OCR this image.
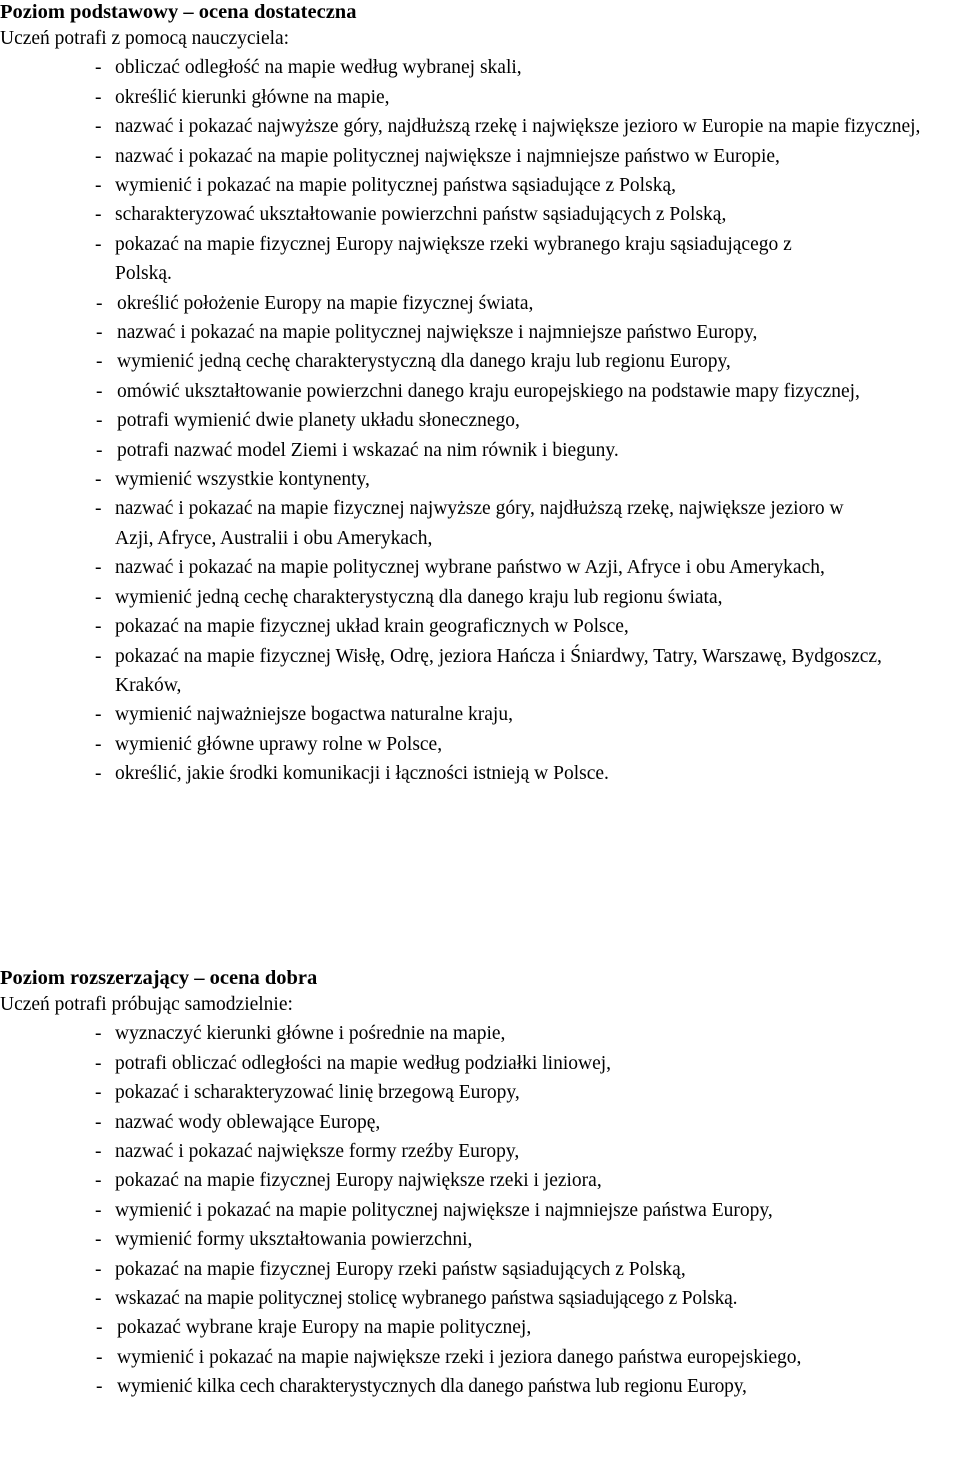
Poziom podstawowy – ocena dostateczna
Uczeń potrafi z pomocą nauczyciela:
- obliczać odległość na mapie według wybranej skali,
- określić kierunki główne na mapie,
- nazwać i pokazać najwyższe góry, najdłuższą rzekę i największe jezioro w Europie na mapie fizycznej,
- nazwać i pokazać na mapie politycznej największe i najmniejsze państwo w Europie,
- wymienić i pokazać na mapie politycznej państwa sąsiadujące z Polską,
- scharakteryzować ukształtowanie powierzchni państw sąsiadujących z Polską,
- pokazać na mapie fizycznej Europy największe rzeki wybranego kraju sąsiadującego z Polską.
- określić położenie Europy na mapie fizycznej świata,
- nazwać i pokazać na mapie politycznej największe i najmniejsze państwo Europy,
- wymienić jedną cechę charakterystyczną dla danego kraju lub regionu Europy,
- omówić ukształtowanie powierzchni danego kraju europejskiego na podstawie mapy fizycznej,
- potrafi wymienić dwie planety układu słonecznego,
- potrafi nazwać model Ziemi i wskazać na nim równik i bieguny.
- wymienić wszystkie kontynenty,
- nazwać i pokazać na mapie fizycznej najwyższe góry, najdłuższą rzekę, największe jezioro w Azji, Afryce, Australii i obu Amerykach,
- nazwać i pokazać na mapie politycznej wybrane państwo w Azji, Afryce i obu Amerykach,
- wymienić jedną cechę charakterystyczną dla danego kraju lub regionu świata,
- pokazać na mapie fizycznej układ krain geograficznych w Polsce,
- pokazać na mapie fizycznej Wisłę, Odrę, jeziora Hańcza i Śniardwy, Tatry, Warszawę, Bydgoszcz, Kraków,
- wymienić najważniejsze bogactwa naturalne kraju,
- wymienić główne uprawy rolne w Polsce,
- określić, jakie środki komunikacji i łączności istnieją w Polsce.
Poziom rozszerzający – ocena dobra
Uczeń potrafi próbując samodzielnie:
- wyznaczyć kierunki główne i pośrednie na mapie,
- potrafi obliczać odległości na mapie według podziałki liniowej,
- pokazać i scharakteryzować linię brzegową Europy,
- nazwać wody oblewające Europę,
- nazwać i pokazać największe formy rzeźby Europy,
- pokazać na mapie fizycznej Europy największe rzeki i jeziora,
- wymienić i pokazać na mapie politycznej największe i najmniejsze państwa Europy,
- wymienić formy ukształtowania powierzchni,
- pokazać na mapie fizycznej Europy rzeki państw sąsiadujących z Polską,
- wskazać na mapie politycznej stolicę wybranego państwa sąsiadującego z Polską.
- pokazać wybrane kraje Europy na mapie politycznej,
- wymienić i pokazać na mapie największe rzeki i jeziora danego państwa europejskiego,
- wymienić kilka cech charakterystycznych dla danego państwa lub regionu Europy,
